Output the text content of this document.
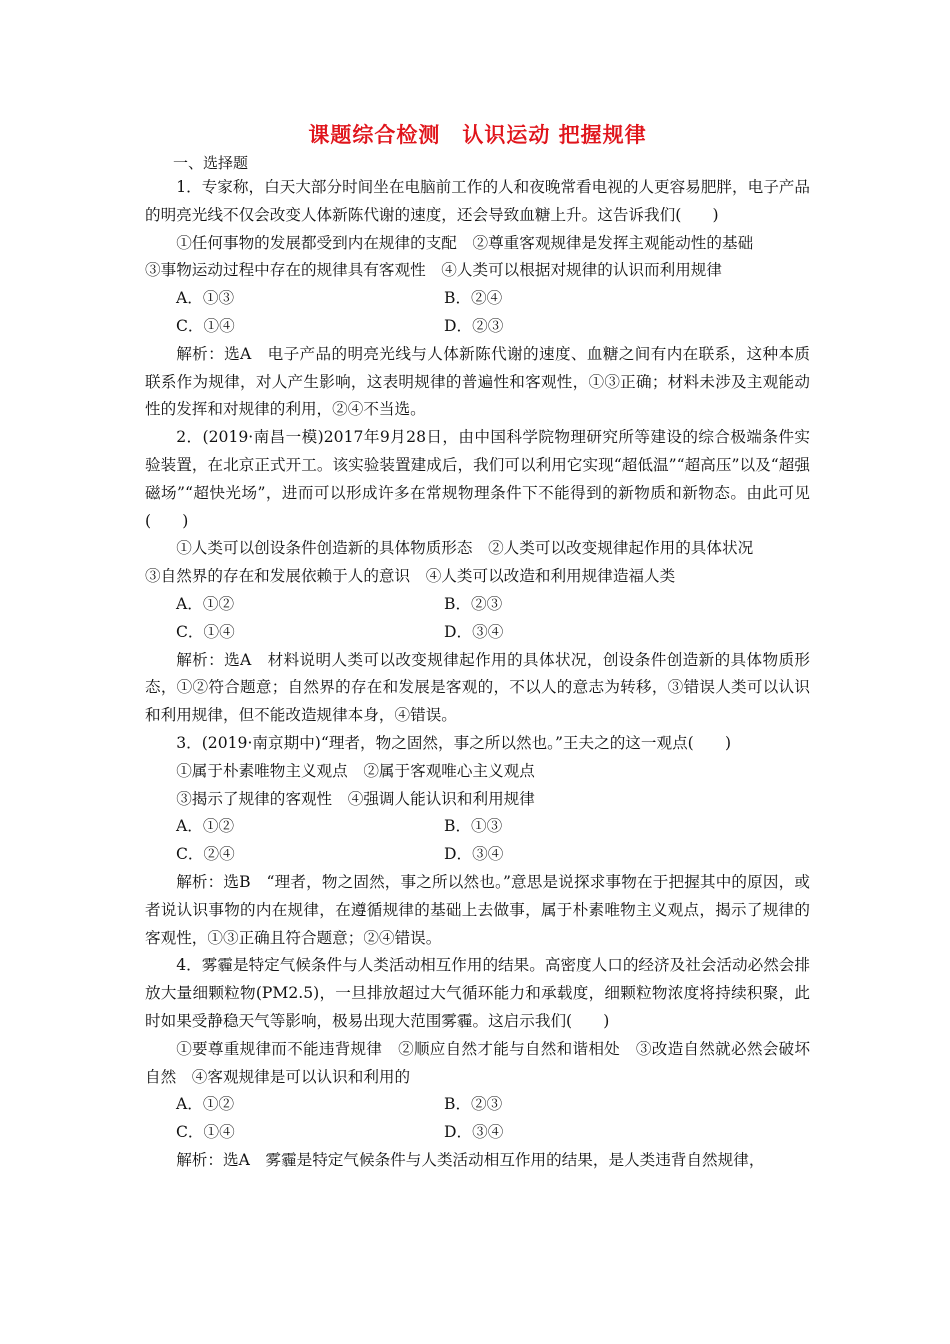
课题综合检测　认识运动 把握规律
一、选择题

1．专家称，白天大部分时间坐在电脑前工作的人和夜晚常看电视的人更容易肥胖，电子产品的明亮光线不仅会改变人体新陈代谢的速度，还会导致血糖上升。这告诉我们(　　)

①任何事物的发展都受到内在规律的支配　②尊重客观规律是发挥主观能动性的基础

③事物运动过程中存在的规律具有客观性　④人类可以根据对规律的认识而利用规律

A．①③	B．②④
C．①④	D．②③

解析：选A　电子产品的明亮光线与人体新陈代谢的速度、血糖之间有内在联系，这种本质联系作为规律，对人产生影响，这表明规律的普遍性和客观性，①③正确；材料未涉及主观能动性的发挥和对规律的利用，②④不当选。

2．(2019·南昌一模)2017年9月28日，由中国科学院物理研究所等建设的综合极端条件实验装置，在北京正式开工。该实验装置建成后，我们可以利用它实现“超低温”“超高压”以及“超强磁场”“超快光场”，进而可以形成许多在常规物理条件下不能得到的新物质和新物态。由此可见(　　)

①人类可以创设条件创造新的具体物质形态　②人类可以改变规律起作用的具体状况

③自然界的存在和发展依赖于人的意识　④人类可以改造和利用规律造福人类

A．①②	B．②③
C．①④	D．③④

解析：选A　材料说明人类可以改变规律起作用的具体状况，创设条件创造新的具体物质形态，①②符合题意；自然界的存在和发展是客观的，不以人的意志为转移，③错误人类可以认识和利用规律，但不能改造规律本身，④错误。

3．(2019·南京期中)“理者，物之固然，事之所以然也。”王夫之的这一观点(　　)

①属于朴素唯物主义观点　②属于客观唯心主义观点

③揭示了规律的客观性　④强调人能认识和利用规律

A．①②	B．①③
C．②④	D．③④

解析：选B　“理者，物之固然，事之所以然也。”意思是说探求事物在于把握其中的原因，或者说认识事物的内在规律，在遵循规律的基础上去做事，属于朴素唯物主义观点，揭示了规律的客观性，①③正确且符合题意；②④错误。

4．雾霾是特定气候条件与人类活动相互作用的结果。高密度人口的经济及社会活动必然会排放大量细颗粒物(PM2.5)，一旦排放超过大气循环能力和承载度，细颗粒物浓度将持续积聚，此时如果受静稳天气等影响，极易出现大范围雾霾。这启示我们(　　)

①要尊重规律而不能违背规律　②顺应自然才能与自然和谐相处　③改造自然就必然会破坏自然　④客观规律是可以认识和利用的

A．①②	B．②③
C．①④	D．③④

解析：选A　雾霾是特定气候条件与人类活动相互作用的结果，是人类违背自然规律，
